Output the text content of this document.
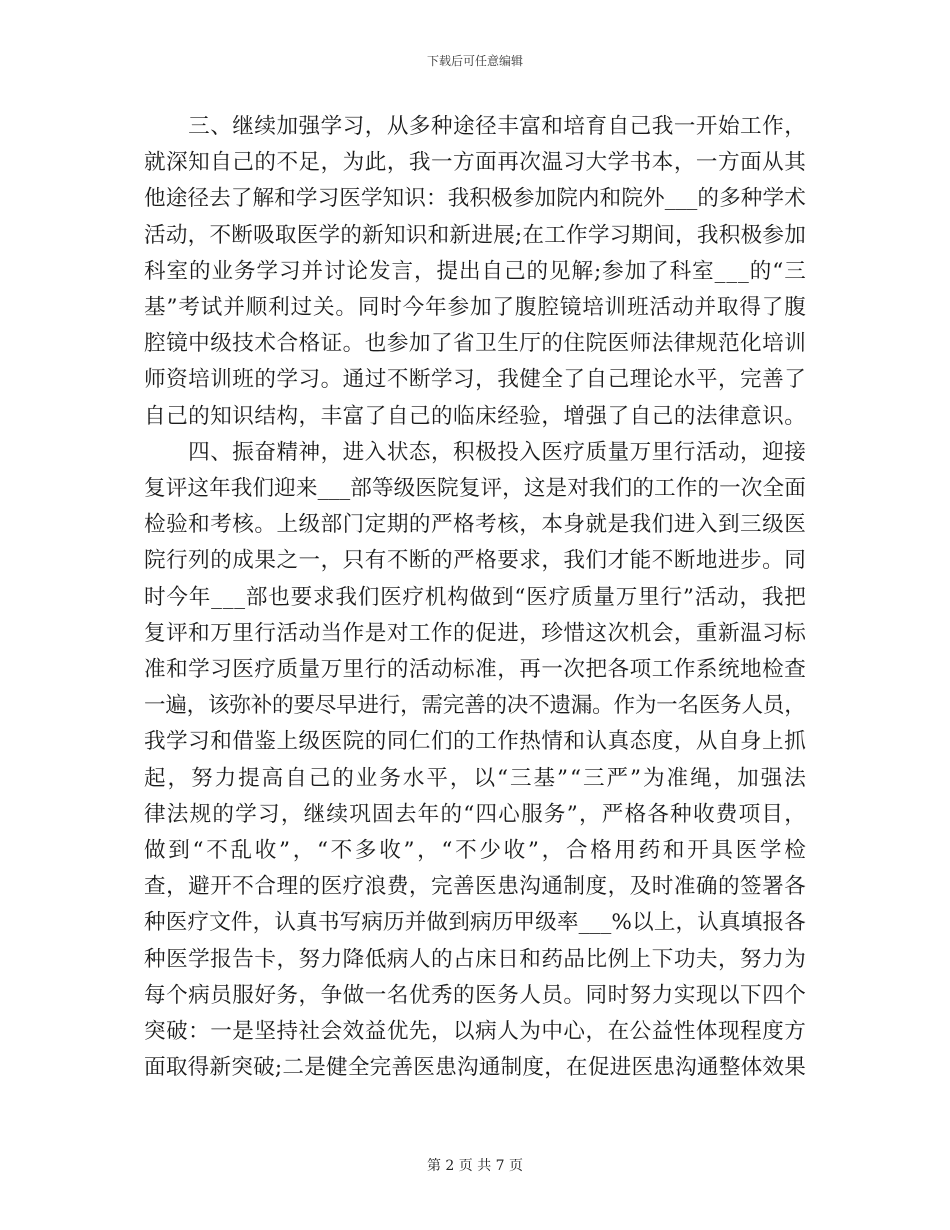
下载后可任意编辑

　　三、继续加强学习，从多种途径丰富和培育自己我一开始工作，
就深知自己的不足，为此，我一方面再次温习大学书本，一方面从其
他途径去了解和学习医学知识：我积极参加院内和院外___的多种学术
活动，不断吸取医学的新知识和新进展;在工作学习期间，我积极参加
科室的业务学习并讨论发言，提出自己的见解;参加了科室___的“三
基”考试并顺利过关。同时今年参加了腹腔镜培训班活动并取得了腹
腔镜中级技术合格证。也参加了省卫生厅的住院医师法律规范化培训
师资培训班的学习。通过不断学习，我健全了自己理论水平，完善了
自己的知识结构，丰富了自己的临床经验，增强了自己的法律意识。

　　四、振奋精神，进入状态，积极投入医疗质量万里行活动，迎接
复评这年我们迎来___部等级医院复评，这是对我们的工作的一次全面
检验和考核。上级部门定期的严格考核，本身就是我们进入到三级医
院行列的成果之一，只有不断的严格要求，我们才能不断地进步。同
时今年___部也要求我们医疗机构做到“医疗质量万里行”活动，我把
复评和万里行活动当作是对工作的促进，珍惜这次机会，重新温习标
准和学习医疗质量万里行的活动标准，再一次把各项工作系统地检查
一遍，该弥补的要尽早进行，需完善的决不遗漏。作为一名医务人员，
我学习和借鉴上级医院的同仁们的工作热情和认真态度，从自身上抓
起，努力提高自己的业务水平，以“三基”“三严”为准绳，加强法
律法规的学习，继续巩固去年的“四心服务”，严格各种收费项目，
做到“不乱收”，“不多收”，“不少收”，合格用药和开具医学检
查，避开不合理的医疗浪费，完善医患沟通制度，及时准确的签署各
种医疗文件，认真书写病历并做到病历甲级率___%以上，认真填报各
种医学报告卡，努力降低病人的占床日和药品比例上下功夫，努力为
每个病员服好务，争做一名优秀的医务人员。同时努力实现以下四个
突破：一是坚持社会效益优先，以病人为中心，在公益性体现程度方
面取得新突破;二是健全完善医患沟通制度，在促进医患沟通整体效果

第 2 页 共 7 页
